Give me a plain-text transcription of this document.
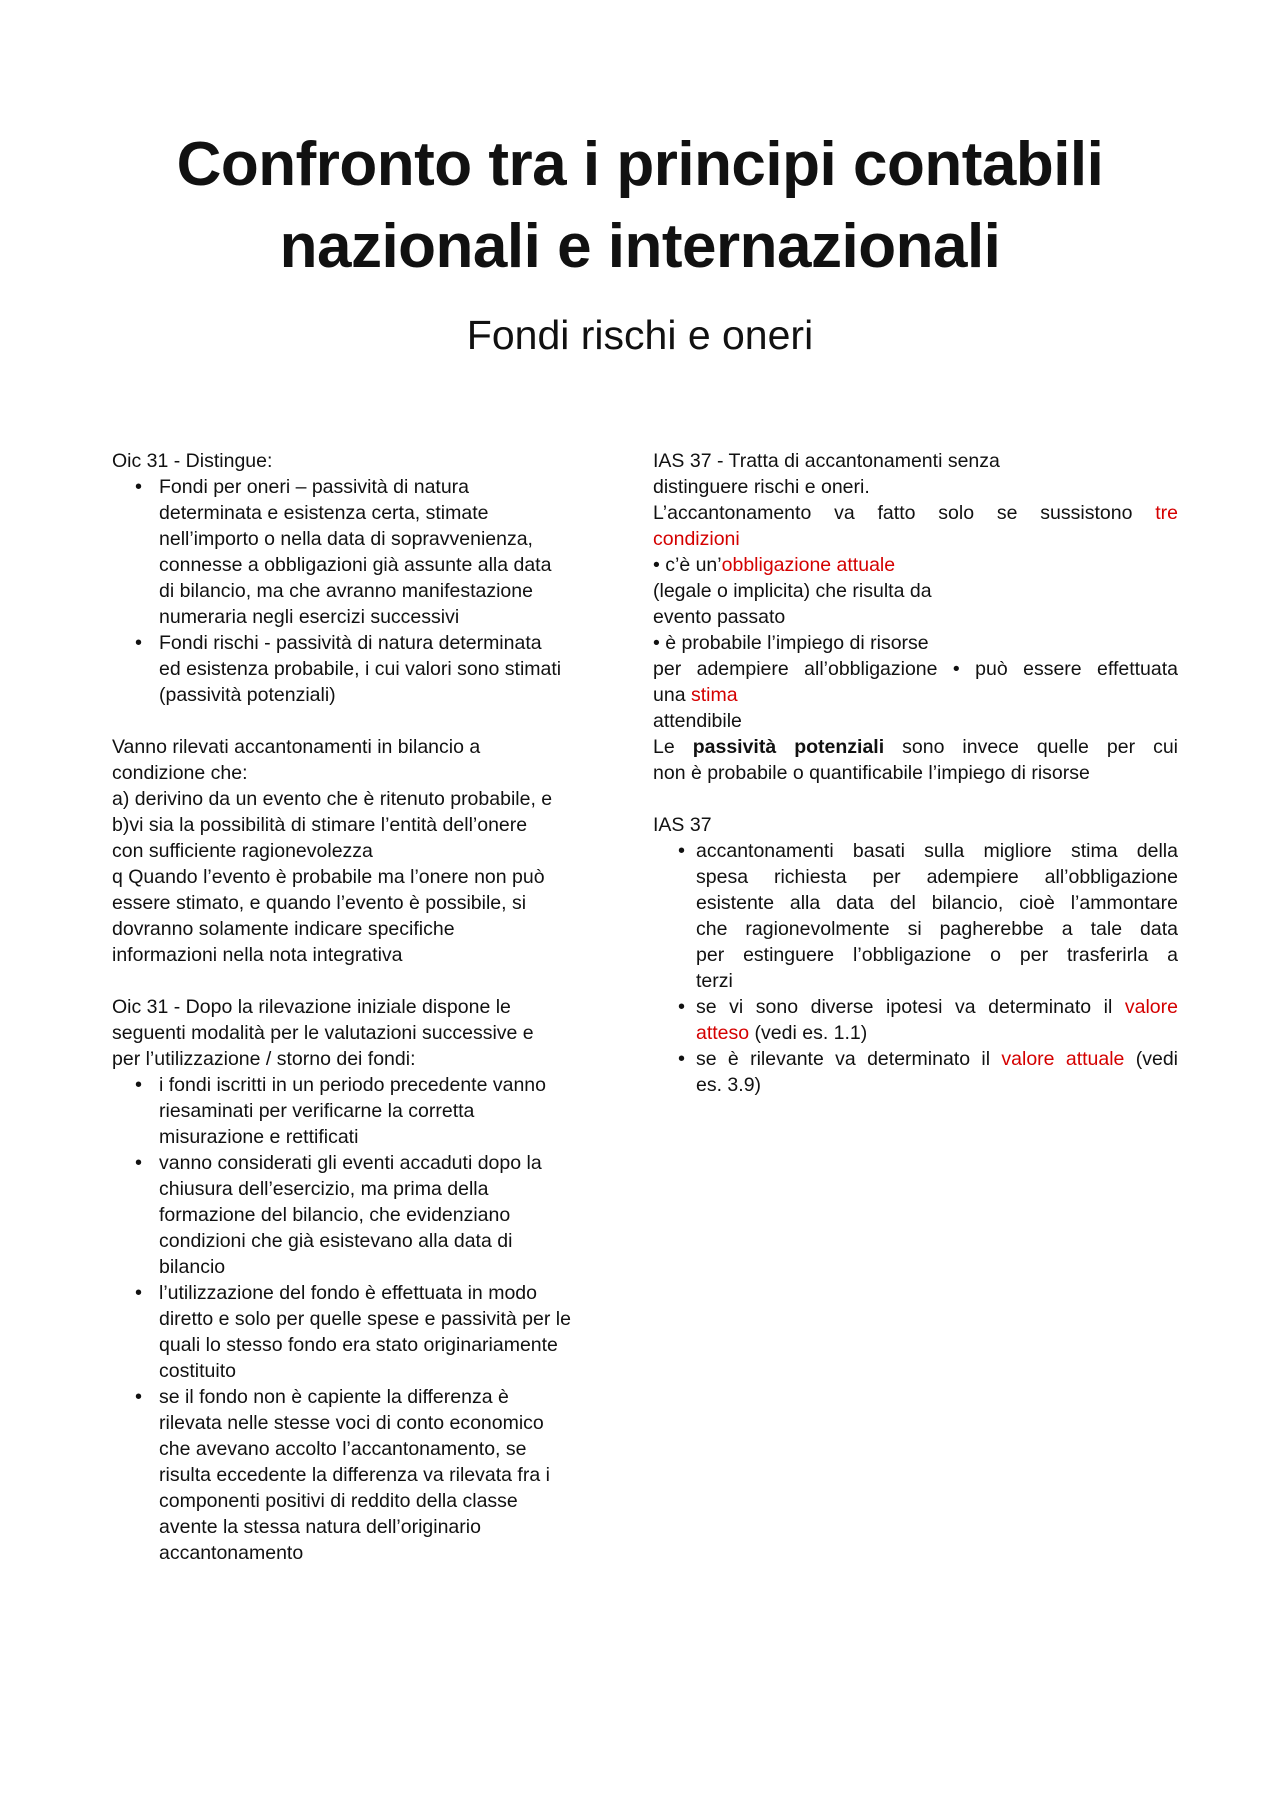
Confronto tra i principi contabili
nazionali e internazionali
Fondi rischi e oneri
Oic 31 - Distingue:
• Fondi per oneri – passività di natura
determinata e esistenza certa, stimate
nell’importo o nella data di sopravvenienza,
connesse a obbligazioni già assunte alla data
di bilancio, ma che avranno manifestazione
numeraria negli esercizi successivi
• Fondi rischi - passività di natura determinata
ed esistenza probabile, i cui valori sono stimati
(passività potenziali)
Vanno rilevati accantonamenti in bilancio a
condizione che:
a) derivino da un evento che è ritenuto probabile, e
b)vi sia la possibilità di stimare l’entità dell’onere
con sufficiente ragionevolezza
q Quando l’evento è probabile ma l’onere non può
essere stimato, e quando l’evento è possibile, si
dovranno solamente indicare specifiche
informazioni nella nota integrativa
Oic 31 - Dopo la rilevazione iniziale dispone le
seguenti modalità per le valutazioni successive e
per l’utilizzazione / storno dei fondi:
• i fondi iscritti in un periodo precedente vanno
riesaminati per verificarne la corretta
misurazione e rettificati
• vanno considerati gli eventi accaduti dopo la
chiusura dell’esercizio, ma prima della
formazione del bilancio, che evidenziano
condizioni che già esistevano alla data di
bilancio
• l’utilizzazione del fondo è effettuata in modo
diretto e solo per quelle spese e passività per le
quali lo stesso fondo era stato originariamente
costituito
• se il fondo non è capiente la differenza è
rilevata nelle stesse voci di conto economico
che avevano accolto l’accantonamento, se
risulta eccedente la differenza va rilevata fra i
componenti positivi di reddito della classe
avente la stessa natura dell’originario
accantonamento
IAS 37 - Tratta di accantonamenti senza
distinguere rischi e oneri.
L’accantonamento va fatto solo se sussistono tre
condizioni
• c’è un’obbligazione attuale
(legale o implicita) che risulta da
evento passato
• è probabile l’impiego di risorse
per adempiere all’obbligazione • può essere effettuata
una stima
attendibile
Le passività potenziali sono invece quelle per cui
non è probabile o quantificabile l’impiego di risorse
IAS 37
• accantonamenti basati sulla migliore stima della
spesa richiesta per adempiere all’obbligazione
esistente alla data del bilancio, cioè l’ammontare
che ragionevolmente si pagherebbe a tale data
per estinguere l’obbligazione o per trasferirla a
terzi
• se vi sono diverse ipotesi va determinato il valore
atteso (vedi es. 1.1)
• se è rilevante va determinato il valore attuale (vedi
es. 3.9)
